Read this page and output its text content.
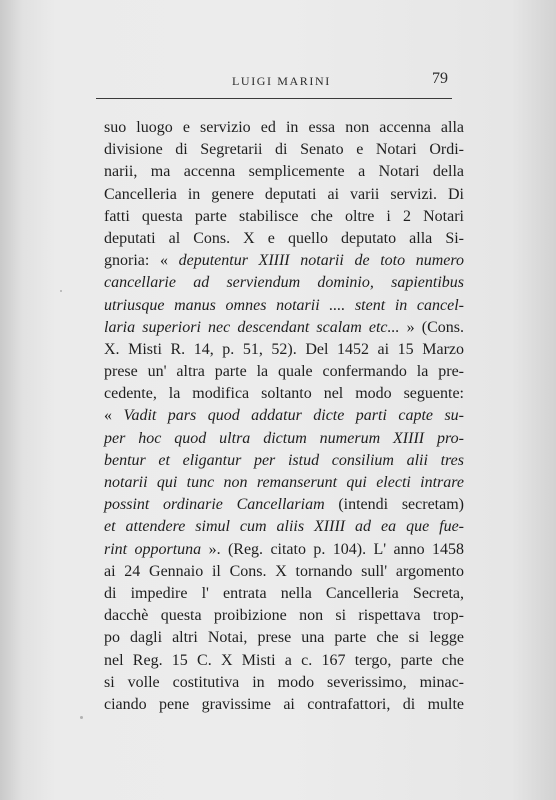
LUIGI MARINI	79
suo luogo e servizio ed in essa non accenna alla
divisione di Segretarii di Senato e Notari Ordi-
narii, ma accenna semplicemente a Notari della
Cancelleria in genere deputati ai varii servizi. Di
fatti questa parte stabilisce che oltre i 2 Notari
deputati al Cons. X e quello deputato alla Si-
gnoria: « deputentur XIIII notarii de toto numero
cancellarie ad serviendum dominio, sapientibus
utriusque manus omnes notarii .... stent in cancel-
laria superiori nec descendant scalam etc... » (Cons.
X. Misti R. 14, p. 51, 52). Del 1452 ai 15 Marzo
prese un' altra parte la quale confermando la pre-
cedente, la modifica soltanto nel modo seguente:
« Vadit pars quod addatur dicte parti capte su-
per hoc quod ultra dictum numerum XIIII pro-
bentur et eligantur per istud consilium alii tres
notarii qui tunc non remanserunt qui electi intrare
possint ordinarie Cancellariam (intendi secretam)
et attendere simul cum aliis XIIII ad ea que fue-
rint opportuna ». (Reg. citato p. 104). L' anno 1458
ai 24 Gennaio il Cons. X tornando sull' argomento
di impedire l' entrata nella Cancelleria Secreta,
dacchè questa proibizione non si rispettava trop-
po dagli altri Notai, prese una parte che si legge
nel Reg. 15 C. X Misti a c. 167 tergo, parte che
si volle costitutiva in modo severissimo, minac-
ciando pene gravissime ai contrafattori, di multe
